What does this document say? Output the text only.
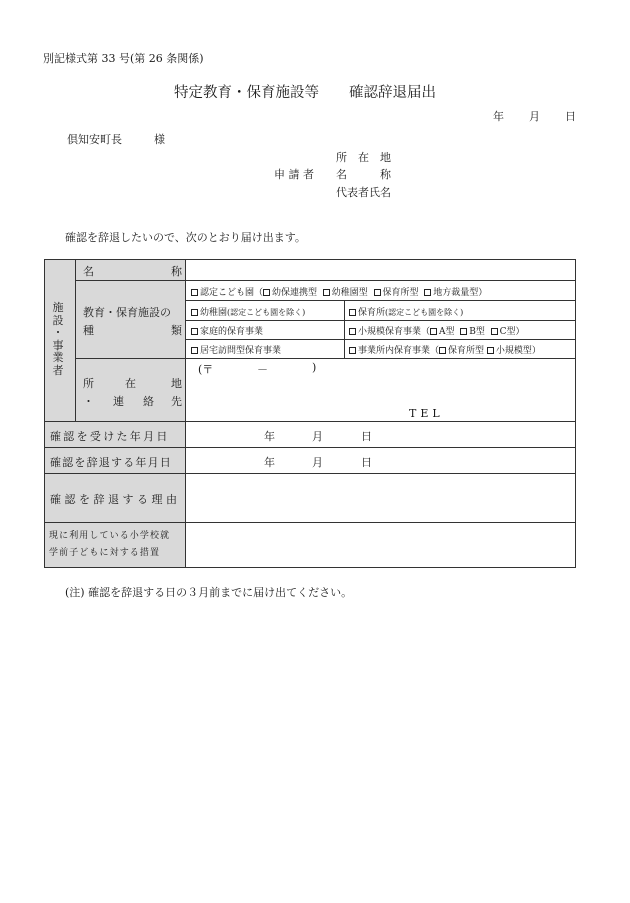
別記様式第 33 号(第 26 条関係)
特定教育・保育施設等 確認辞退届出
年 月 日
倶知安町長	様
所　在　地
申 請 者 名　　　称
代表者氏名
確認を辞退したいので、次のとおり届け出ます。
施
設
・
事
業
者
名	称
教育・保育施設の
種	類
認定こども園（ 幼保連携型 幼稚園型 保育所型 地方裁量型）
幼稚園(認定こども園を除く)	保育所(認定こども園を除く)
家庭的保育事業	小規模保育事業（ A型 B型 C型）
居宅訪問型保育事業	事業所内保育事業（ 保育所型 小規模型）
所	在	地
・ 連 絡 先
(〒	－	)
TEL
確認を受けた年月日	年	月	日
確認を辞退する年月日	年	月	日
確 認 を 辞 退 す る 理 由
現に利用している小学校就
学前子どもに対する措置
(注) 確認を辞退する日の３月前までに届け出てください。
